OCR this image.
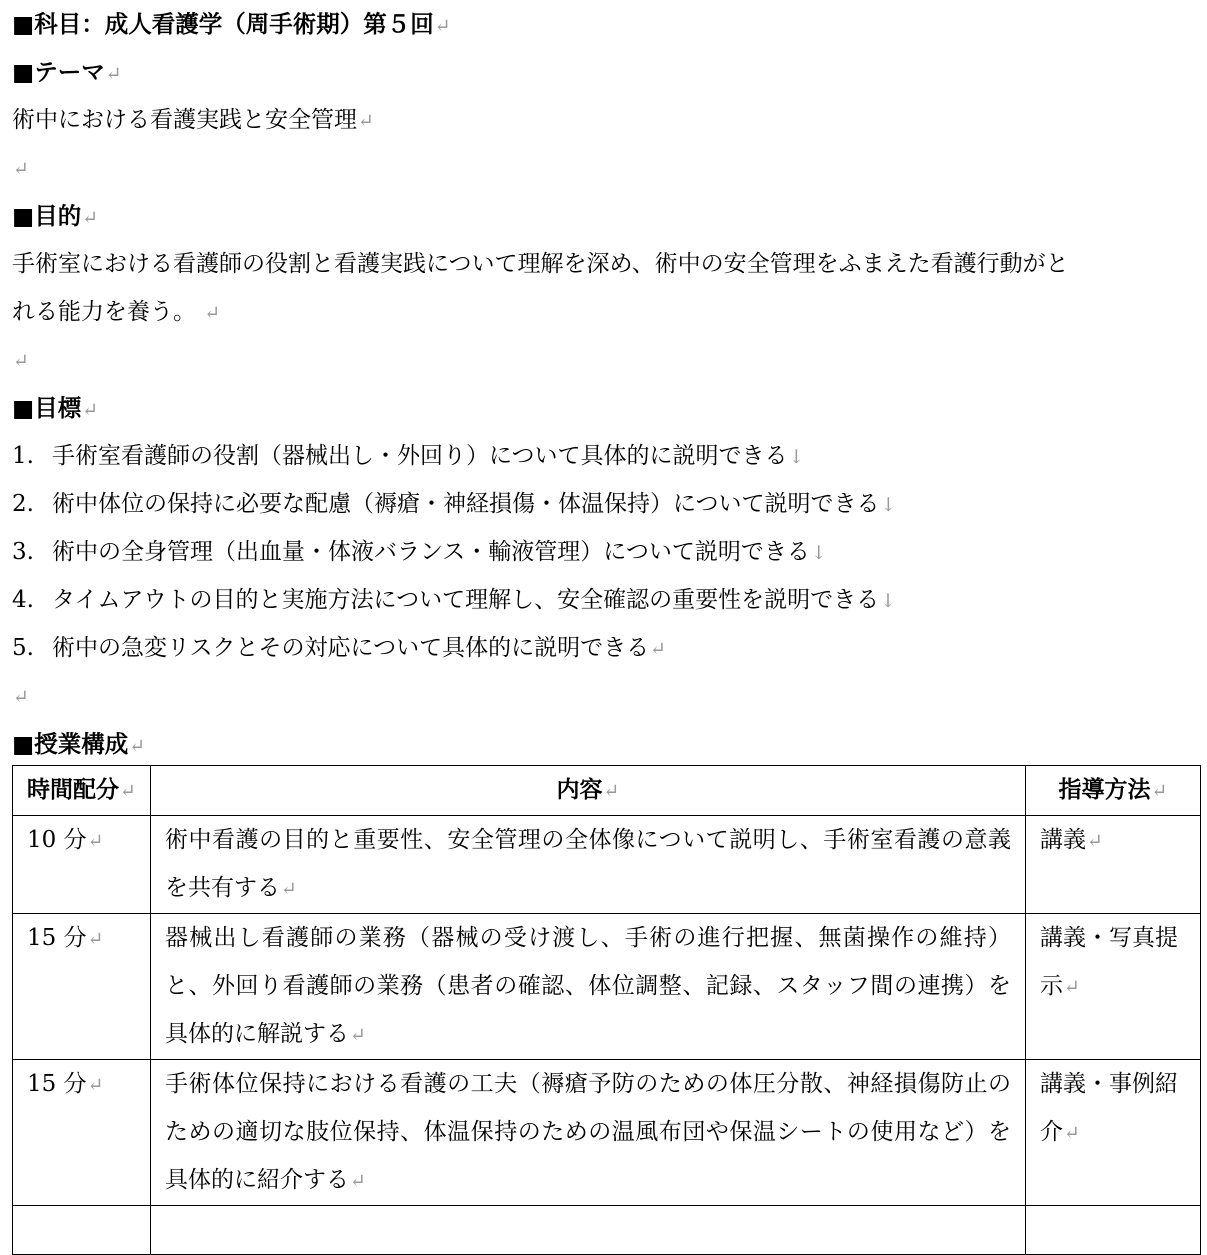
■科目：成人看護学（周手術期）第５回↵
■テーマ↵
術中における看護実践と安全管理↵
↵
■目的↵
手術室における看護師の役割と看護実践について理解を深め、術中の安全管理をふまえた看護行動がと
れる能力を養う。 ↵
↵
■目標↵
1. 手術室看護師の役割（器械出し・外回り）について具体的に説明できる↓
2. 術中体位の保持に必要な配慮（褥瘡・神経損傷・体温保持）について説明できる↓
3. 術中の全身管理（出血量・体液バランス・輸液管理）について説明できる↓
4. タイムアウトの目的と実施方法について理解し、安全確認の重要性を説明できる↓
5. 術中の急変リスクとその対応について具体的に説明できる↵
↵
■授業構成↵
時間配分↵	内容↵	指導方法↵
10 分↵	術中看護の目的と重要性、安全管理の全体像について説明し、手術室看護の意義を共有する↵	講義↵
15 分↵	器械出し看護師の業務（器械の受け渡し、手術の進行把握、無菌操作の維持）と、外回り看護師の業務（患者の確認、体位調整、記録、スタッフ間の連携）を具体的に解説する↵	講義・写真提示↵
15 分↵	手術体位保持における看護の工夫（褥瘡予防のための体圧分散、神経損傷防止のための適切な肢位保持、体温保持のための温風布団や保温シートの使用など）を具体的に紹介する↵	講義・事例紹介↵
